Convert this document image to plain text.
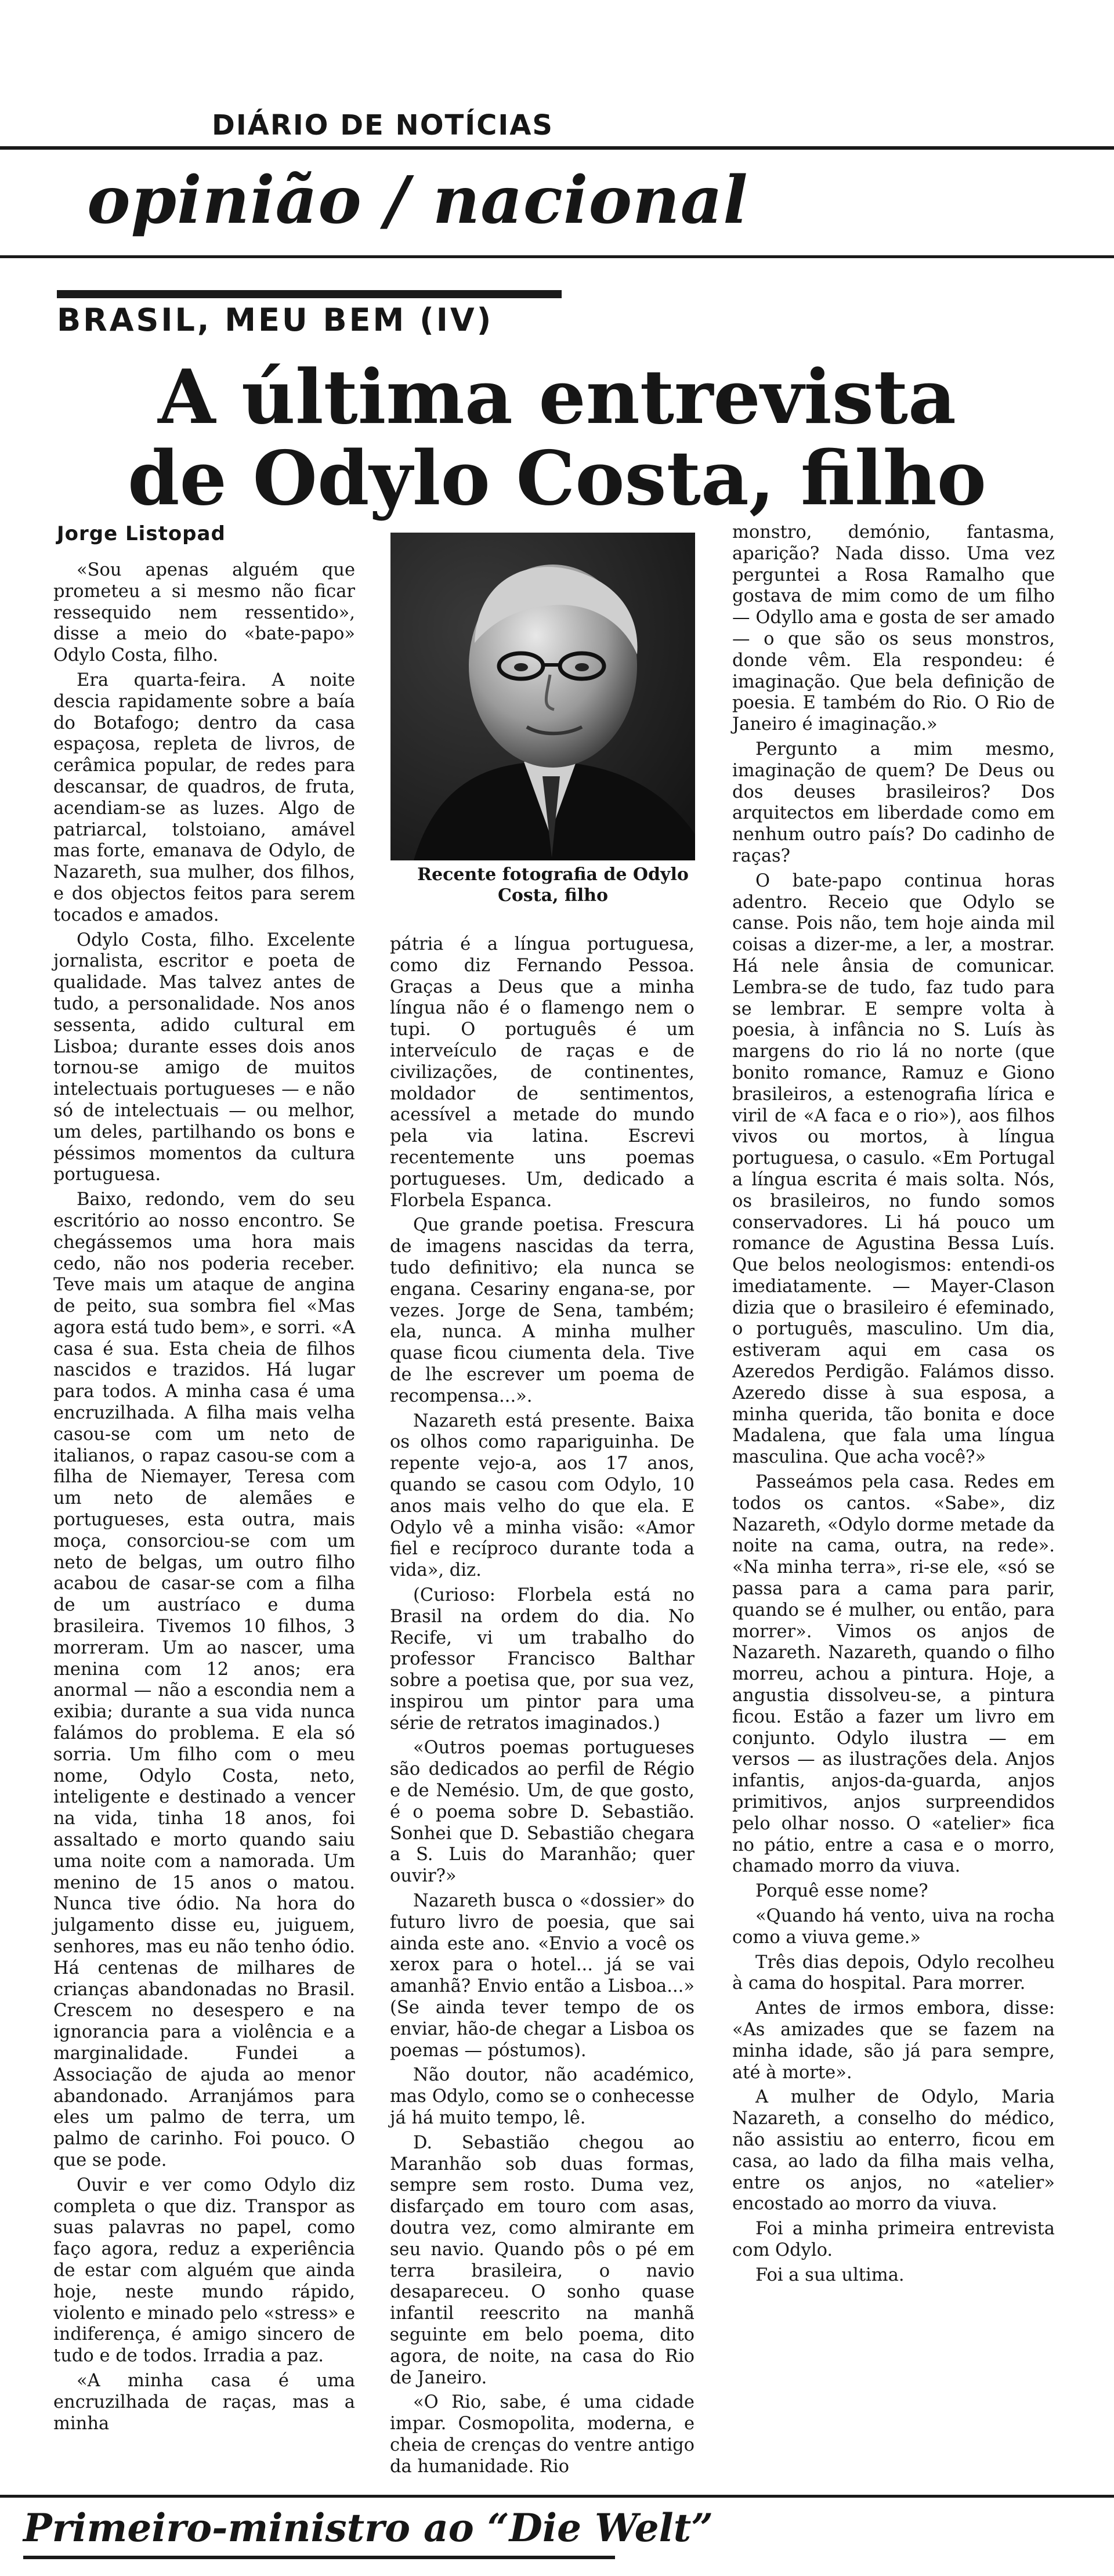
DIÁRIO DE NOTÍCIAS
opinião / nacional
BRASIL, MEU BEM (IV)
A última entrevista
de Odylo Costa, filho
Jorge Listopad

«Sou apenas alguém que prometeu a si mesmo não ficar ressequido nem ressentido», disse a meio do «bate-papo» Odylo Costa, filho.

Era quarta-feira. A noite descia rapidamente sobre a baía do Botafogo; dentro da casa espaçosa, repleta de livros, de cerâmica popular, de redes para descansar, de quadros, de fruta, acendiam-se as luzes. Algo de patriarcal, tolstoiano, amável mas forte, emanava de Odylo, de Nazareth, sua mulher, dos filhos, e dos objectos feitos para serem tocados e amados.

Odylo Costa, filho. Excelente jornalista, escritor e poeta de qualidade. Mas talvez antes de tudo, a personalidade. Nos anos sessenta, adido cultural em Lisboa; durante esses dois anos tornou-se amigo de muitos intelectuais portugueses — e não só de intelectuais — ou melhor, um deles, partilhando os bons e péssimos momentos da cultura portuguesa.

Baixo, redondo, vem do seu escritório ao nosso encontro. Se chegássemos uma hora mais cedo, não nos poderia receber. Teve mais um ataque de angina de peito, sua sombra fiel «Mas agora está tudo bem», e sorri. «A casa é sua. Esta cheia de filhos nascidos e trazidos. Há lugar para todos. A minha casa é uma encruzilhada. A filha mais velha casou-se com um neto de italianos, o rapaz casou-se com a filha de Niemayer, Teresa com um neto de alemães e portugueses, esta outra, mais moça, consorciou-se com um neto de belgas, um outro filho acabou de casar-se com a filha de um austríaco e duma brasileira. Tivemos 10 filhos, 3 morreram. Um ao nascer, uma menina com 12 anos; era anormal — não a escondia nem a exibia; durante a sua vida nunca falámos do problema. E ela só sorria. Um filho com o meu nome, Odylo Costa, neto, inteligente e destinado a vencer na vida, tinha 18 anos, foi assaltado e morto quando saiu uma noite com a namorada. Um menino de 15 anos o matou. Nunca tive ódio. Na hora do julgamento disse eu, juiguem, senhores, mas eu não tenho ódio. Há centenas de milhares de crianças abandonadas no Brasil. Crescem no desespero e na ignorancia para a violência e a marginalidade. Fundei a Associação de ajuda ao menor abandonado. Arranjámos para eles um palmo de terra, um palmo de carinho. Foi pouco. O que se pode.

Ouvir e ver como Odylo diz completa o que diz. Transpor as suas palavras no papel, como faço agora, reduz a experiência de estar com alguém que ainda hoje, neste mundo rápido, violento e minado pelo «stress» e indiferença, é amigo sincero de tudo e de todos. Irradia a paz.

«A minha casa é uma encruzilhada de raças, mas a minha

Recente fotografia de Odylo Costa, filho

pátria é a língua portuguesa, como diz Fernando Pessoa. Graças a Deus que a minha língua não é o flamengo nem o tupi. O português é um interveículo de raças e de civilizações, de continentes, moldador de sentimentos, acessível a metade do mundo pela via latina. Escrevi recentemente uns poemas portugueses. Um, dedicado a Florbela Espanca.

Que grande poetisa. Frescura de imagens nascidas da terra, tudo definitivo; ela nunca se engana. Cesariny engana-se, por vezes. Jorge de Sena, também; ela, nunca. A minha mulher quase ficou ciumenta dela. Tive de lhe escrever um poema de recompensa...».

Nazareth está presente. Baixa os olhos como rapariguinha. De repente vejo-a, aos 17 anos, quando se casou com Odylo, 10 anos mais velho do que ela. E Odylo vê a minha visão: «Amor fiel e recíproco durante toda a vida», diz.

(Curioso: Florbela está no Brasil na ordem do dia. No Recife, vi um trabalho do professor Francisco Balthar sobre a poetisa que, por sua vez, inspirou um pintor para uma série de retratos imaginados.)

«Outros poemas portugueses são dedicados ao perfil de Régio e de Nemésio. Um, de que gosto, é o poema sobre D. Sebastião. Sonhei que D. Sebastião chegara a S. Luis do Maranhão; quer ouvir?»

Nazareth busca o «dossier» do futuro livro de poesia, que sai ainda este ano. «Envio a você os xerox para o hotel... já se vai amanhã? Envio então a Lisboa...» (Se ainda tever tempo de os enviar, hão-de chegar a Lisboa os poemas — póstumos).

Não doutor, não académico, mas Odylo, como se o conhecesse já há muito tempo, lê.

D. Sebastião chegou ao Maranhão sob duas formas, sempre sem rosto. Duma vez, disfarçado em touro com asas, doutra vez, como almirante em seu navio. Quando pôs o pé em terra brasileira, o navio desapareceu. O sonho quase infantil reescrito na manhã seguinte em belo poema, dito agora, de noite, na casa do Rio de Janeiro.

«O Rio, sabe, é uma cidade impar. Cosmopolita, moderna, e cheia de crenças do ventre antigo da humanidade. Rio

monstro, demónio, fantasma, aparição? Nada disso. Uma vez perguntei a Rosa Ramalho que gostava de mim como de um filho — Odyllo ama e gosta de ser amado — o que são os seus monstros, donde vêm. Ela respondeu: é imaginação. Que bela definição de poesia. E também do Rio. O Rio de Janeiro é imaginação.»

Pergunto a mim mesmo, imaginação de quem? De Deus ou dos deuses brasileiros? Dos arquitectos em liberdade como em nenhum outro país? Do cadinho de raças?

O bate-papo continua horas adentro. Receio que Odylo se canse. Pois não, tem hoje ainda mil coisas a dizer-me, a ler, a mostrar. Há nele ânsia de comunicar. Lembra-se de tudo, faz tudo para se lembrar. E sempre volta à poesia, à infância no S. Luís às margens do rio lá no norte (que bonito romance, Ramuz e Giono brasileiros, a estenografia lírica e viril de «A faca e o rio»), aos filhos vivos ou mortos, à língua portuguesa, o casulo. «Em Portugal a língua escrita é mais solta. Nós, os brasileiros, no fundo somos conservadores. Li há pouco um romance de Agustina Bessa Luís. Que belos neologismos: entendi-os imediatamente. — Mayer-Clason dizia que o brasileiro é efeminado, o português, masculino. Um dia, estiveram aqui em casa os Azeredos Perdigão. Falámos disso. Azeredo disse à sua esposa, a minha querida, tão bonita e doce Madalena, que fala uma língua masculina. Que acha você?»

Passeámos pela casa. Redes em todos os cantos. «Sabe», diz Nazareth, «Odylo dorme metade da noite na cama, outra, na rede». «Na minha terra», ri-se ele, «só se passa para a cama para parir, quando se é mulher, ou então, para morrer». Vimos os anjos de Nazareth. Nazareth, quando o filho morreu, achou a pintura. Hoje, a angustia dissolveu-se, a pintura ficou. Estão a fazer um livro em conjunto. Odylo ilustra — em versos — as ilustrações dela. Anjos infantis, anjos-da-guarda, anjos primitivos, anjos surpreendidos pelo olhar nosso. O «atelier» fica no pátio, entre a casa e o morro, chamado morro da viuva.

Porquê esse nome?

«Quando há vento, uiva na rocha como a viuva geme.»

Três dias depois, Odylo recolheu à cama do hospital. Para morrer.

Antes de irmos embora, disse: «As amizades que se fazem na minha idade, são já para sempre, até à morte».

A mulher de Odylo, Maria Nazareth, a conselho do médico, não assistiu ao enterro, ficou em casa, ao lado da filha mais velha, entre os anjos, no «atelier» encostado ao morro da viuva.

Foi a minha primeira entrevista com Odylo.

Foi a sua ultima.

Primeiro-ministro ao “Die Welt”
